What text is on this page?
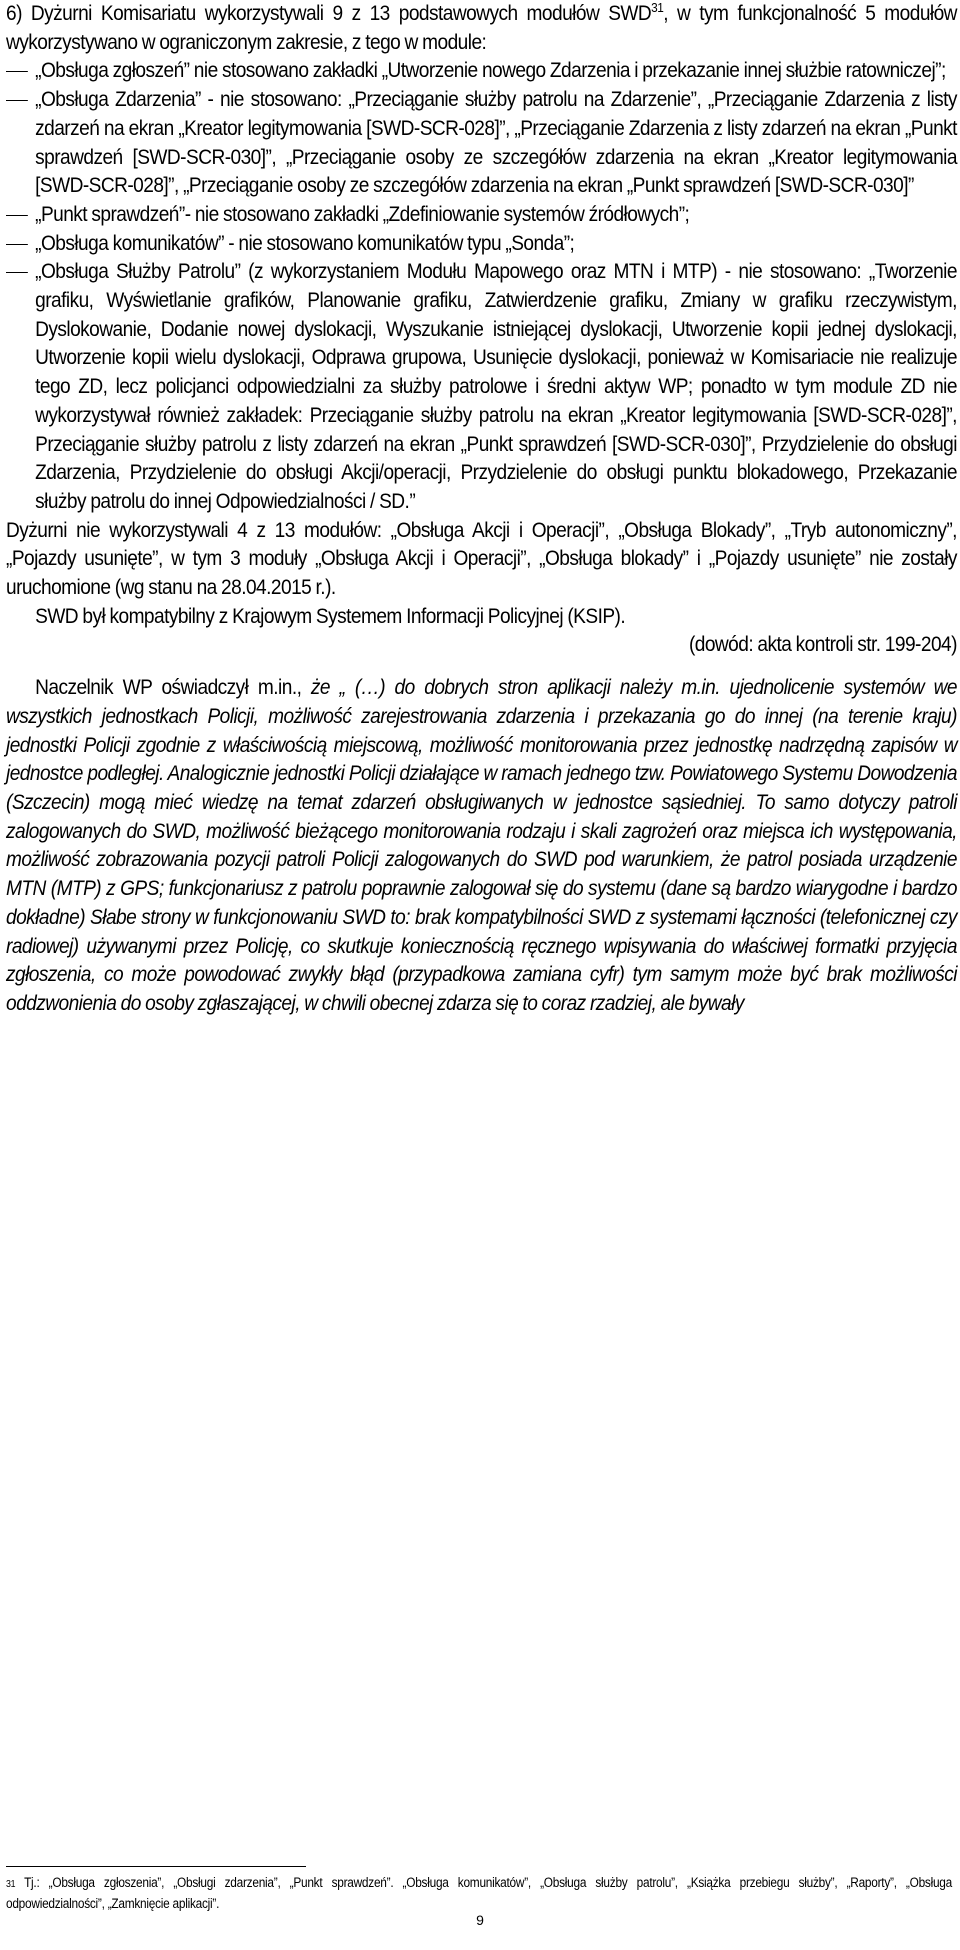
6) Dyżurni Komisariatu wykorzystywali 9 z 13 podstawowych modułów SWD$^{31}$, w tym funkcjonalność 5 modułów wykorzystywano w ograniczonym zakresie, z tego w module:

„Obsługa zgłoszeń” nie stosowano zakładki „Utworzenie nowego Zdarzenia i przekazanie innej służbie ratowniczej”;

„Obsługa Zdarzenia” - nie stosowano: „Przeciąganie służby patrolu na Zdarzenie”, „Przeciąganie Zdarzenia z listy zdarzeń na ekran „Kreator legitymowania [SWD-SCR-028]”, „Przeciąganie Zdarzenia z listy zdarzeń na ekran „Punkt sprawdzeń [SWD-SCR-030]”, „Przeciąganie osoby ze szczegółów zdarzenia na ekran „Kreator legitymowania [SWD-SCR-028]”, „Przeciąganie osoby ze szczegółów zdarzenia na ekran „Punkt sprawdzeń [SWD-SCR-030]”

„Punkt sprawdzeń”- nie stosowano zakładki „Zdefiniowanie systemów źródłowych”;

„Obsługa komunikatów” - nie stosowano komunikatów typu „Sonda”;

„Obsługa Służby Patrolu” (z wykorzystaniem Modułu Mapowego oraz MTN i MTP) - nie stosowano: „Tworzenie grafiku, Wyświetlanie grafików, Planowanie grafiku, Zatwierdzenie grafiku, Zmiany w grafiku rzeczywistym, Dyslokowanie, Dodanie nowej dyslokacji, Wyszukanie istniejącej dyslokacji, Utworzenie kopii jednej dyslokacji, Utworzenie kopii wielu dyslokacji, Odprawa grupowa, Usunięcie dyslokacji, ponieważ w Komisariacie nie realizuje tego ZD, lecz policjanci odpowiedzialni za służby patrolowe i średni aktyw WP; ponadto w tym module ZD nie wykorzystywał również zakładek: Przeciąganie służby patrolu na ekran „Kreator legitymowania [SWD-SCR-028]”, Przeciąganie służby patrolu z listy zdarzeń na ekran „Punkt sprawdzeń [SWD-SCR-030]”, Przydzielenie do obsługi Zdarzenia, Przydzielenie do obsługi Akcji/operacji, Przydzielenie do obsługi punktu blokadowego, Przekazanie służby patrolu do innej Odpowiedzialności / SD.”

Dyżurni nie wykorzystywali 4 z 13 modułów: „Obsługa Akcji i Operacji”, „Obsługa Blokady”, „Tryb autonomiczny”, „Pojazdy usunięte”, w tym 3 moduły „Obsługa Akcji i Operacji”, „Obsługa blokady” i „Pojazdy usunięte” nie zostały uruchomione (wg stanu na 28.04.2015 r.).

SWD był kompatybilny z Krajowym Systemem Informacji Policyjnej (KSIP).

(dowód: akta kontroli str. 199-204)

Naczelnik WP oświadczył m.in., że „ (…) do dobrych stron aplikacji należy m.in. ujednolicenie systemów we wszystkich jednostkach Policji, możliwość zarejestrowania zdarzenia i przekazania go do innej (na terenie kraju) jednostki Policji zgodnie z właściwością miejscową, możliwość monitorowania przez jednostkę nadrzędną zapisów w jednostce podległej. Analogicznie jednostki Policji działające w ramach jednego tzw. Powiatowego Systemu Dowodzenia (Szczecin) mogą mieć wiedzę na temat zdarzeń obsługiwanych w jednostce sąsiedniej. To samo dotyczy patroli zalogowanych do SWD, możliwość bieżącego monitorowania rodzaju i skali zagrożeń oraz miejsca ich występowania, możliwość zobrazowania pozycji patroli Policji zalogowanych do SWD pod warunkiem, że patrol posiada urządzenie MTN (MTP) z GPS; funkcjonariusz z patrolu poprawnie zalogował się do systemu (dane są bardzo wiarygodne i bardzo dokładne) Słabe strony w funkcjonowaniu SWD to: brak kompatybilności SWD z systemami łączności (telefonicznej czy radiowej) używanymi przez Policję, co skutkuje koniecznością ręcznego wpisywania do właściwej formatki przyjęcia zgłoszenia, co może powodować zwykły błąd (przypadkowa zamiana cyfr) tym samym może być brak możliwości oddzwonienia do osoby zgłaszającej, w chwili obecnej zdarza się to coraz rzadziej, ale bywały

31 Tj.: „Obsługa zgłoszenia”, „Obsługi zdarzenia”, „Punkt sprawdzeń”. „Obsługa komunikatów”, „Obsługa służby patrolu”, „Książka przebiegu służby”, „Raporty”, „Obsługa odpowiedzialności”, „Zamknięcie aplikacji”.
9
